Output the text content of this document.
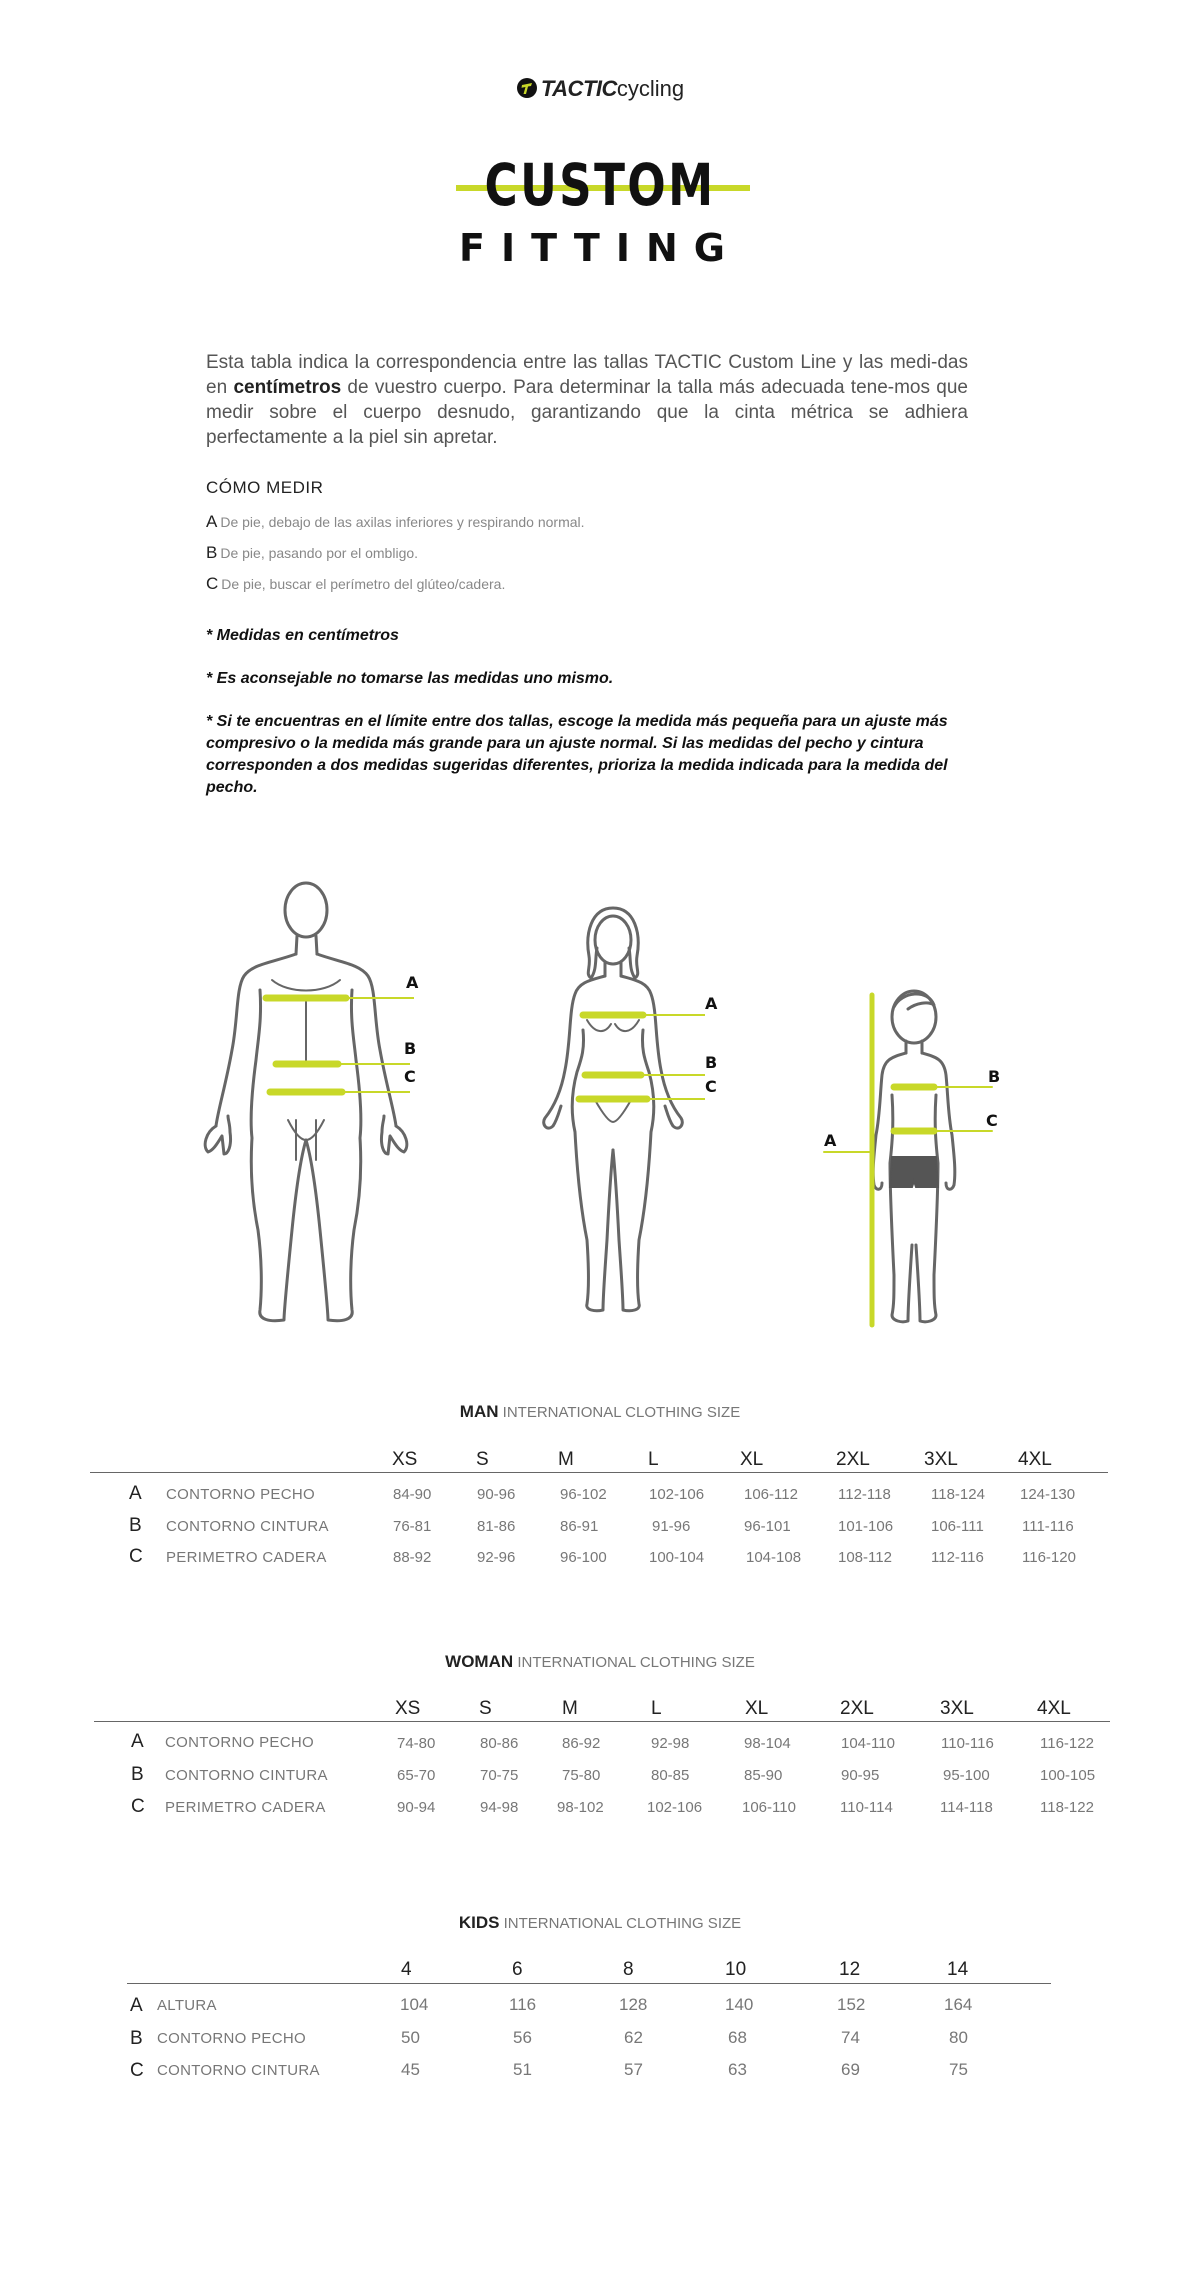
TACTICcycling
CUSTOM
FITTING
Esta tabla indica la correspondencia entre las tallas TACTIC Custom Line y las medi-das en centímetros de vuestro cuerpo. Para determinar la talla más adecuada tene-mos que medir sobre el cuerpo desnudo, garantizando que la cinta métrica se adhiera perfectamente a la piel sin apretar.
CÓMO MEDIR
A De pie, debajo de las axilas inferiores y respirando normal.
B De pie, pasando por el ombligo.
C De pie, buscar el perímetro del glúteo/cadera.
* Medidas en centímetros
* Es aconsejable no tomarse las medidas uno mismo.
* Si te encuentras en el límite entre dos tallas, escoge la medida más pequeña para un ajuste más compresivo o la medida más grande para un ajuste normal. Si las medidas del pecho y cintura corresponden a dos medidas sugeridas diferentes, prioriza la medida indicada para la medida del pecho.
A
B
C
A
B
C
B
C
A
MAN INTERNATIONAL CLOTHING SIZE
XS	S	M	L	XL	2XL	3XL	4XL
A CONTORNO PECHO	84-90	90-96	96-102	102-106	106-112	112-118	118-124 124-130
B CONTORNO CINTURA	76-81	81-86	86-91	91-96	96-101	101-106	106-111	111-116
C PERIMETRO CADERA	88-92	92-96	96-100	100-104	104-108 108-112	112-116	116-120
WOMAN INTERNATIONAL CLOTHING SIZE
XS	S	M	L	XL	2XL	3XL	4XL
A CONTORNO PECHO	74-80	80-86	86-92	92-98	98-104	104-110	110-116	116-122
B CONTORNO CINTURA	65-70	70-75	75-80	80-85	85-90	90-95	95-100	100-105
C PERIMETRO CADERA	90-94	94-98	98-102	102-106	106-110	110-114	114-118	118-122
KIDS INTERNATIONAL CLOTHING SIZE
4	6	8	10	12	14
A ALTURA	104	116	128	140	152	164
B CONTORNO PECHO	50	56	62	68	74	80
C CONTORNO CINTURA	45	51	57	63	69	75
